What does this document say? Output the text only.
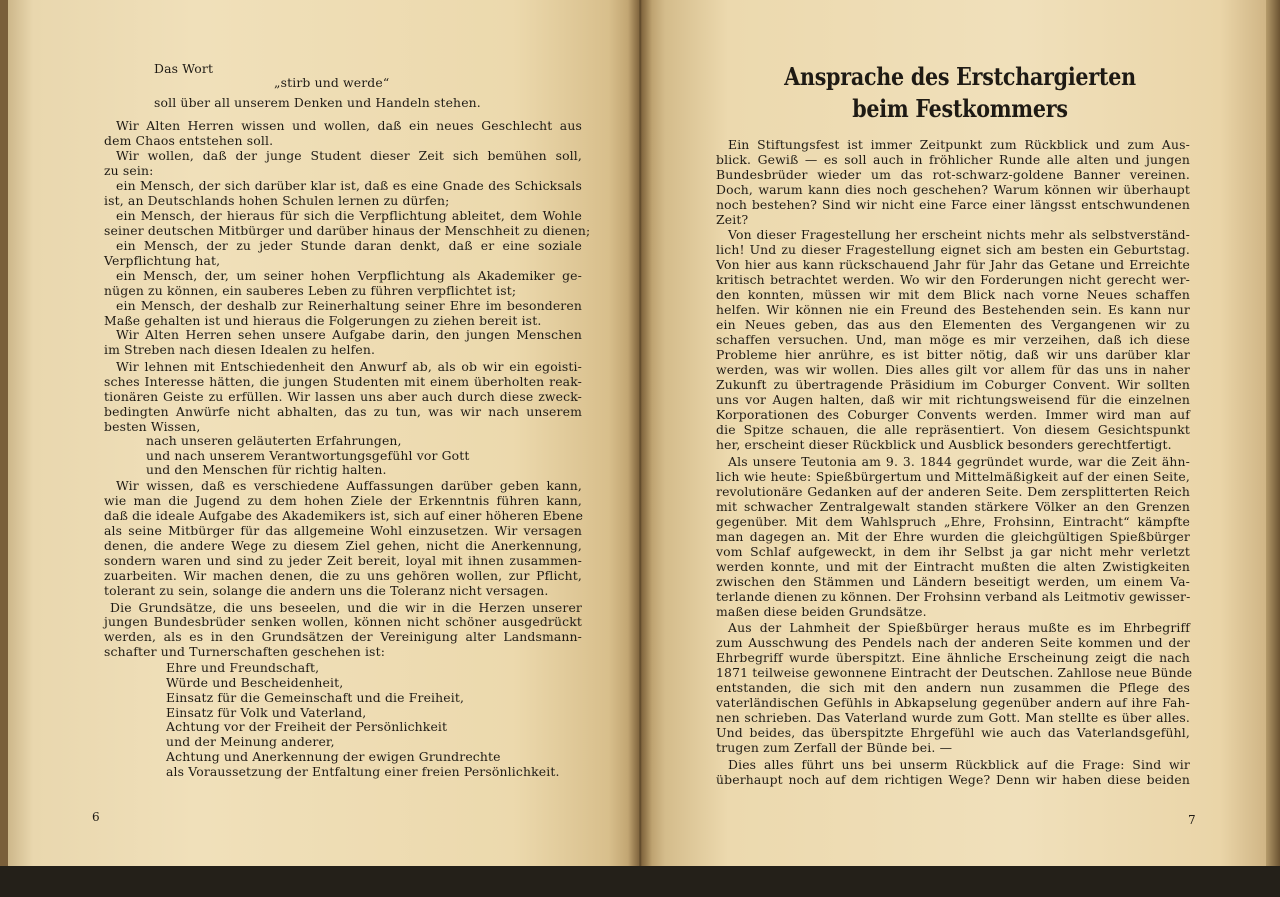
Das Wort
„stirb und werde“
soll über all unserem Denken und Handeln stehen.
Wir Alten Herren wissen und wollen, daß ein neues Geschlecht aus
dem Chaos entstehen soll.
Wir wollen, daß der junge Student dieser Zeit sich bemühen soll,
zu sein:
ein Mensch, der sich darüber klar ist, daß es eine Gnade des Schicksals
ist, an Deutschlands hohen Schulen lernen zu dürfen;
ein Mensch, der hieraus für sich die Verpflichtung ableitet, dem Wohle
seiner deutschen Mitbürger und darüber hinaus der Menschheit zu dienen;
ein Mensch, der zu jeder Stunde daran denkt, daß er eine soziale
Verpflichtung hat,
ein Mensch, der, um seiner hohen Verpflichtung als Akademiker ge-
nügen zu können, ein sauberes Leben zu führen verpflichtet ist;
ein Mensch, der deshalb zur Reinerhaltung seiner Ehre im besonderen
Maße gehalten ist und hieraus die Folgerungen zu ziehen bereit ist.
Wir Alten Herren sehen unsere Aufgabe darin, den jungen Menschen
im Streben nach diesen Idealen zu helfen.
Wir lehnen mit Entschiedenheit den Anwurf ab, als ob wir ein egoisti-
sches Interesse hätten, die jungen Studenten mit einem überholten reak-
tionären Geiste zu erfüllen. Wir lassen uns aber auch durch diese zweck-
bedingten Anwürfe nicht abhalten, das zu tun, was wir nach unserem
besten Wissen,
nach unseren geläuterten Erfahrungen,
und nach unserem Verantwortungsgefühl vor Gott
und den Menschen für richtig halten.
Wir wissen, daß es verschiedene Auffassungen darüber geben kann,
wie man die Jugend zu dem hohen Ziele der Erkenntnis führen kann,
daß die ideale Aufgabe des Akademikers ist, sich auf einer höheren Ebene
als seine Mitbürger für das allgemeine Wohl einzusetzen. Wir versagen
denen, die andere Wege zu diesem Ziel gehen, nicht die Anerkennung,
sondern waren und sind zu jeder Zeit bereit, loyal mit ihnen zusammen-
zuarbeiten. Wir machen denen, die zu uns gehören wollen, zur Pflicht,
tolerant zu sein, solange die andern uns die Toleranz nicht versagen.
Die Grundsätze, die uns beseelen, und die wir in die Herzen unserer
jungen Bundesbrüder senken wollen, können nicht schöner ausgedrückt
werden, als es in den Grundsätzen der Vereinigung alter Landsmann-
schafter und Turnerschaften geschehen ist:
Ehre und Freundschaft,
Würde und Bescheidenheit,
Einsatz für die Gemeinschaft und die Freiheit,
Einsatz für Volk und Vaterland,
Achtung vor der Freiheit der Persönlichkeit
und der Meinung anderer,
Achtung und Anerkennung der ewigen Grundrechte
als Voraussetzung der Entfaltung einer freien Persönlichkeit.
Ansprache des Erstchargierten
beim Festkommers
Ein Stiftungsfest ist immer Zeitpunkt zum Rückblick und zum Aus-
blick. Gewiß — es soll auch in fröhlicher Runde alle alten und jungen
Bundesbrüder wieder um das rot-schwarz-goldene Banner vereinen.
Doch, warum kann dies noch geschehen? Warum können wir überhaupt
noch bestehen? Sind wir nicht eine Farce einer längsst entschwundenen
Zeit?
Von dieser Fragestellung her erscheint nichts mehr als selbstverständ-
lich! Und zu dieser Fragestellung eignet sich am besten ein Geburtstag.
Von hier aus kann rückschauend Jahr für Jahr das Getane und Erreichte
kritisch betrachtet werden. Wo wir den Forderungen nicht gerecht wer-
den konnten, müssen wir mit dem Blick nach vorne Neues schaffen
helfen. Wir können nie ein Freund des Bestehenden sein. Es kann nur
ein Neues geben, das aus den Elementen des Vergangenen wir zu
schaffen versuchen. Und, man möge es mir verzeihen, daß ich diese
Probleme hier anrühre, es ist bitter nötig, daß wir uns darüber klar
werden, was wir wollen. Dies alles gilt vor allem für das uns in naher
Zukunft zu übertragende Präsidium im Coburger Convent. Wir sollten
uns vor Augen halten, daß wir mit richtungsweisend für die einzelnen
Korporationen des Coburger Convents werden. Immer wird man auf
die Spitze schauen, die alle repräsentiert. Von diesem Gesichtspunkt
her, erscheint dieser Rückblick und Ausblick besonders gerechtfertigt.
Als unsere Teutonia am 9. 3. 1844 gegründet wurde, war die Zeit ähn-
lich wie heute: Spießbürgertum und Mittelmäßigkeit auf der einen Seite,
revolutionäre Gedanken auf der anderen Seite. Dem zersplitterten Reich
mit schwacher Zentralgewalt standen stärkere Völker an den Grenzen
gegenüber. Mit dem Wahlspruch „Ehre, Frohsinn, Eintracht“ kämpfte
man dagegen an. Mit der Ehre wurden die gleichgültigen Spießbürger
vom Schlaf aufgeweckt, in dem ihr Selbst ja gar nicht mehr verletzt
werden konnte, und mit der Eintracht mußten die alten Zwistigkeiten
zwischen den Stämmen und Ländern beseitigt werden, um einem Va-
terlande dienen zu können. Der Frohsinn verband als Leitmotiv gewisser-
maßen diese beiden Grundsätze.
Aus der Lahmheit der Spießbürger heraus mußte es im Ehrbegriff
zum Ausschwung des Pendels nach der anderen Seite kommen und der
Ehrbegriff wurde überspitzt. Eine ähnliche Erscheinung zeigt die nach
1871 teilweise gewonnene Eintracht der Deutschen. Zahllose neue Bünde
entstanden, die sich mit den andern nun zusammen die Pflege des
vaterländischen Gefühls in Abkapselung gegenüber andern auf ihre Fah-
nen schrieben. Das Vaterland wurde zum Gott. Man stellte es über alles.
Und beides, das überspitzte Ehrgefühl wie auch das Vaterlandsgefühl,
trugen zum Zerfall der Bünde bei. —
Dies alles führt uns bei unserm Rückblick auf die Frage: Sind wir
überhaupt noch auf dem richtigen Wege? Denn wir haben diese beiden
6	7
